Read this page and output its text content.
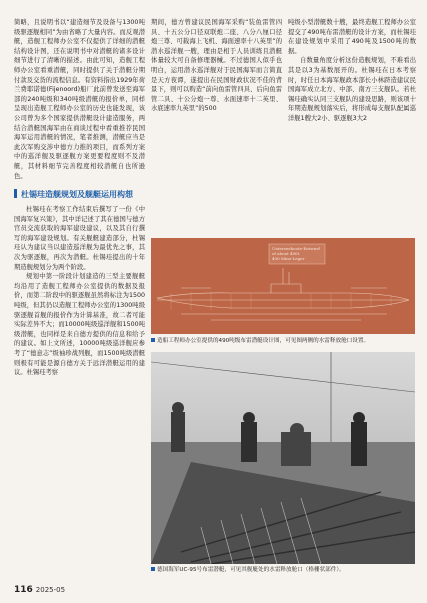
简略，且说明书以“建造细节及设备与1300吨级驱逐舰相同”为由省略了大量内容。而反观潜艇，造舰工程师办公室不仅提供了详细的潜艇结构设计图，还在说明书中对潜艇的诸多设计细节进行了清晰的描述。由此可知，造舰工程师办公室看重潜艇，同时提供了关于潜艇分期付款及交货的流程信息。有资料指出1929年荷兰费耶诺德(Fijenoord)船厂此前曾发送至海军部的240吨级和340吨级潜艇的报价单，同样呈现出造舰工程师办公室的历史也能发现，该公司曾为多个国家提供潜艇设计建造服务，两结合潜艇国海军由在商谈过程中看重推荐民国海军运用潜艇的情况，笔者推测，潜艇应当是此次军购交涉中德方力推的项目，而系列方案中的巡洋舰及驱逐舰方案更要程度则不及潜艇，其材料细节完善程度相较潜艇自也所逊色。

杜锡珪造舰规划及舰艇运用构想

杜锡珪在考察工作结束后撰写了一份《中国海军复兴策》，其中详记述了其在德国与德方官员交流获取的海军建设建议，以及其自行撰写的海军建设规划。有关舰艇建造部分，杜锡珪认为建议当以建造巡洋舰为最优先之事，其次为驱逐舰，再次为潜艇。杜锡珪提出的十年期造舰规划分为两个阶段。

规划中第一阶段计划建造的三型主要舰艇均沿用了造舰工程师办公室提供的数据及报价，而第二阶段中的驱逐舰虽然将标注为1500吨级，但其仍以造舰工程师办公室的1300吨级驱逐舰首舰的报价作为计算基准，故二者可能实际差异不大；而10000吨级巡洋舰和1500吨级潜艇，也同样是来自德方提供的信息和给予的建议。如上文所述，10000吨级巡洋舰应参考了“德意志”级袖珍战列舰，而1500吨级潜艇则极有可能是源自德方关于远洋潜艇运用的建议。杜锡珪考察

期间，德方曾建议民国海军采购“装鱼雷管四具、十五公分口径双联炮二座、八分八厘口径炮三尊、可载海上飞机、海面速率十八英里”的潜水巡洋舰一艘，理由是相于人员训练且潜艇体量较大可自备修理器械。不过德国人似乎也明白，运用潜水巡洋舰对于民国海军而言简直是天方夜谭，遂提出在民国财政状况不佳的背景下，则可以购造“前向鱼雷管四具、后向鱼雷管二具、十公分炮一尊、水面速率十二英里、水底速率九英里”的500

吨级小型潜艇数十艘，最终造舰工程师办公室提交了490吨布雷潜艇的设计方案，而杜锡珪在建设规划中采用了490吨及1500吨的数据。

自数量角度分析这份造舰规划，不难看出其是以3为基数展开的。杜锡珪在日本考察时，时任日本海军舰政本部长小林跻造建议民国海军成立北方、中部、南方三支舰队。若杜锡珪确实认同三支舰队的建设思路，则该项十年期造舰规划落实后，将形成每支舰队配属巡洋舰1艘大2小、驱逐舰3大2

Unterseeboote-Entwurf
of about 490t
490 Mine-Leger
造船工程师办公室提供的490吨级布雷潜艇设计图，可见图两侧的水雷释放舱口设置。
德国海军UC-95号布雷潜艇，可见其舰艇处的水雷释放舱口（格栅状部件）。
116 2025-05
